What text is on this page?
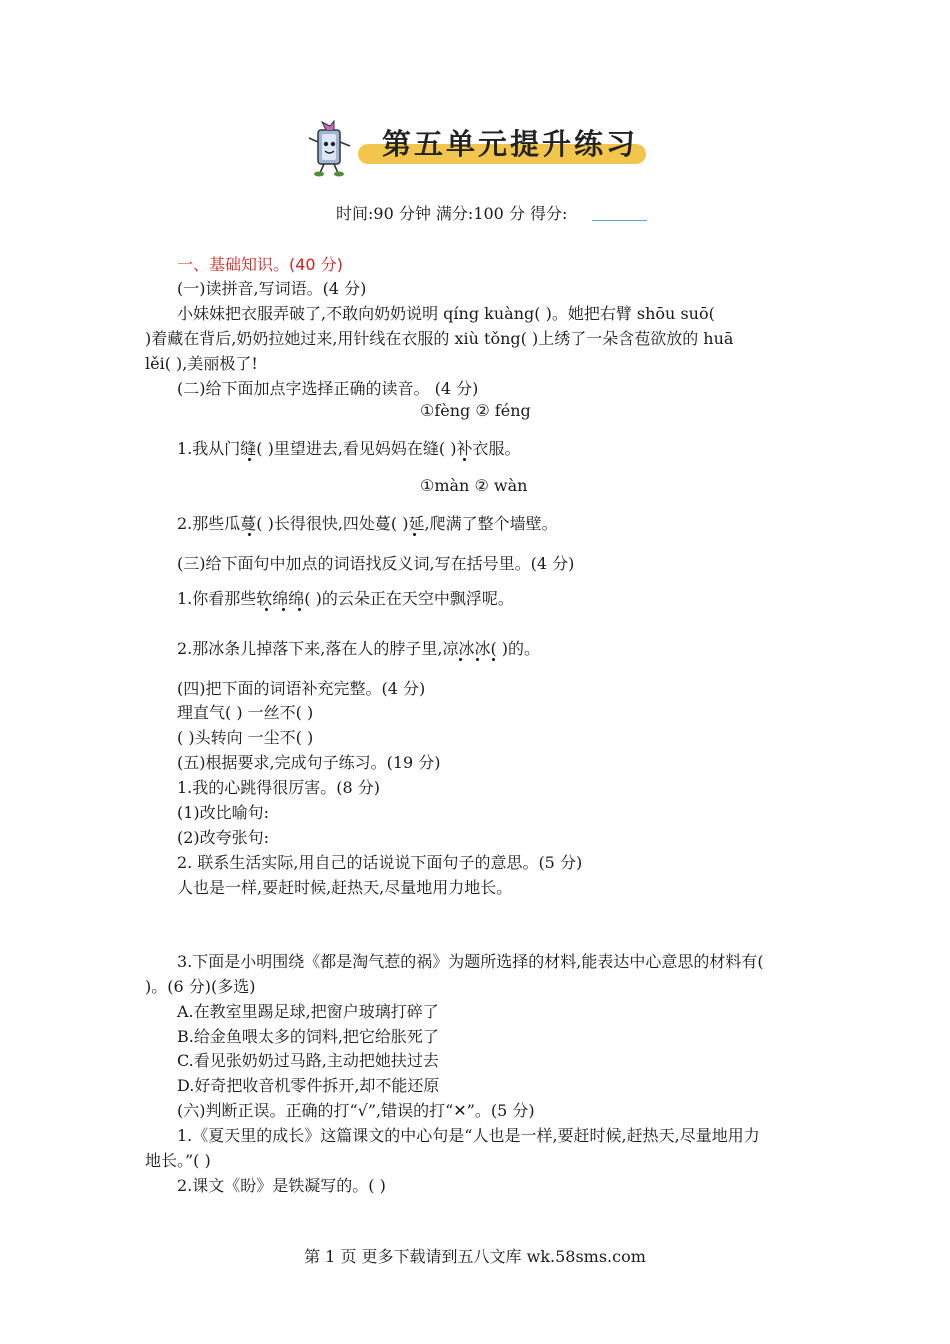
第五单元提升练习
时间:90 分钟 满分:100 分 得分:
一、基础知识。(40 分)
(一)读拼音,写词语。(4 分)
小妹妹把衣服弄破了,不敢向奶奶说明 qíng kuàng( )。她把右臂 shōu suō(
)着藏在背后,奶奶拉她过来,用针线在衣服的 xiù tǒng( )上绣了一朵含苞欲放的 huā
lěi( ),美丽极了!
(二)给下面加点字选择正确的读音。 (4 分)
①fèng ② féng
1.我从门缝( )里望进去,看见妈妈在缝( )补衣服。
①màn ② wàn
2.那些瓜蔓( )长得很快,四处蔓( )延,爬满了整个墙壁。
(三)给下面句中加点的词语找反义词,写在括号里。(4 分)
1.你看那些软绵绵( )的云朵正在天空中飘浮呢。
2.那冰条儿掉落下来,落在人的脖子里,凉冰冰( )的。
(四)把下面的词语补充完整。(4 分)
理直气( ) 一丝不( )
( )头转向 一尘不( )
(五)根据要求,完成句子练习。(19 分)
1.我的心跳得很厉害。(8 分)
(1)改比喻句:
(2)改夸张句:
2. 联系生活实际,用自己的话说说下面句子的意思。(5 分)
人也是一样,要赶时候,赶热天,尽量地用力地长。
3.下面是小明围绕《都是淘气惹的祸》为题所选择的材料,能表达中心意思的材料有(
)。(6 分)(多选)
A.在教室里踢足球,把窗户玻璃打碎了
B.给金鱼喂太多的饲料,把它给胀死了
C.看见张奶奶过马路,主动把她扶过去
D.好奇把收音机零件拆开,却不能还原
(六)判断正误。正确的打“√”,错误的打“✕”。(5 分)
1.《夏天里的成长》这篇课文的中心句是“人也是一样,要赶时候,赶热天,尽量地用力
地长。”( )
2.课文《盼》是铁凝写的。( )
第 1 页 更多下载请到五八文库 wk.58sms.com
